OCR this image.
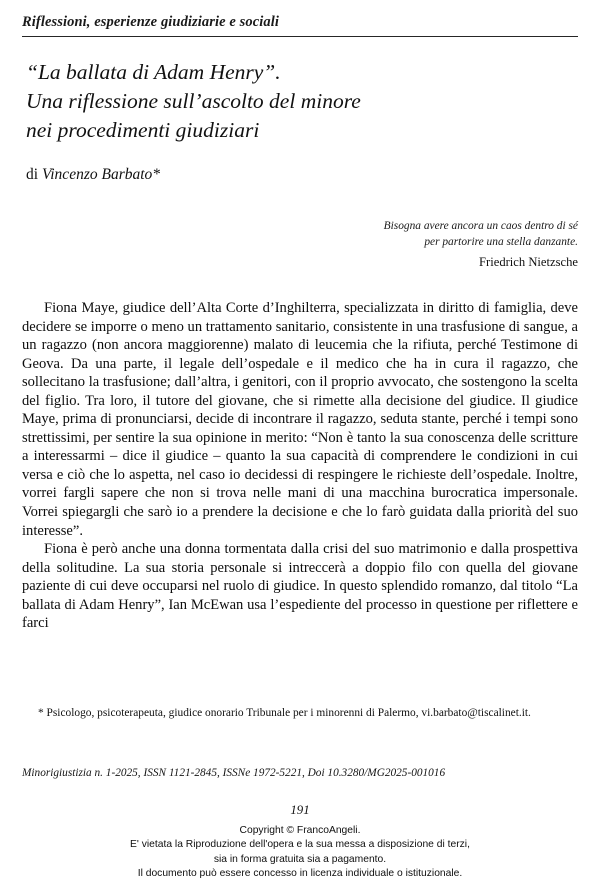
Riflessioni, esperienze giudiziarie e sociali
“La ballata di Adam Henry”.
Una riflessione sull’ascolto del minore
nei procedimenti giudiziari
di Vincenzo Barbato*
Bisogna avere ancora un caos dentro di sé
per partorire una stella danzante.
Friedrich Nietzsche

Fiona Maye, giudice dell’Alta Corte d’Inghilterra, specializzata in diritto di famiglia, deve decidere se imporre o meno un trattamento sanitario, consistente in una trasfusione di sangue, a un ragazzo (non ancora maggiorenne) malato di leucemia che la rifiuta, perché Testimone di Geova. Da una parte, il legale dell’ospedale e il medico che ha in cura il ragazzo, che sollecitano la trasfusione; dall’altra, i genitori, con il proprio avvocato, che sostengono la scelta del figlio. Tra loro, il tutore del giovane, che si rimette alla decisione del giudice. Il giudice Maye, prima di pronunciarsi, decide di incontrare il ragazzo, seduta stante, perché i tempi sono strettissimi, per sentire la sua opinione in merito: “Non è tanto la sua conoscenza delle scritture a interessarmi – dice il giudice – quanto la sua capacità di comprendere le condizioni in cui versa e ciò che lo aspetta, nel caso io decidessi di respingere le richieste dell’ospedale. Inoltre, vorrei fargli sapere che non si trova nelle mani di una macchina burocratica impersonale. Vorrei spiegargli che sarò io a prendere la decisione e che lo farò guidata dalla priorità del suo interesse”.

Fiona è però anche una donna tormentata dalla crisi del suo matrimonio e dalla prospettiva della solitudine. La sua storia personale si intreccerà a doppio filo con quella del giovane paziente di cui deve occuparsi nel ruolo di giudice. In questo splendido romanzo, dal titolo “La ballata di Adam Henry”, Ian McEwan usa l’espediente del processo in questione per riflettere e farci

* Psicologo, psicoterapeuta, giudice onorario Tribunale per i minorenni di Palermo, vi.barbato@tiscalinet.it.

Minorigiustizia n. 1-2025, ISSN 1121-2845, ISSNe 1972-5221, Doi 10.3280/MG2025-001016
191
Copyright © FrancoAngeli.
E' vietata la Riproduzione dell'opera e la sua messa a disposizione di terzi,
sia in forma gratuita sia a pagamento.
Il documento può essere concesso in licenza individuale o istituzionale.
